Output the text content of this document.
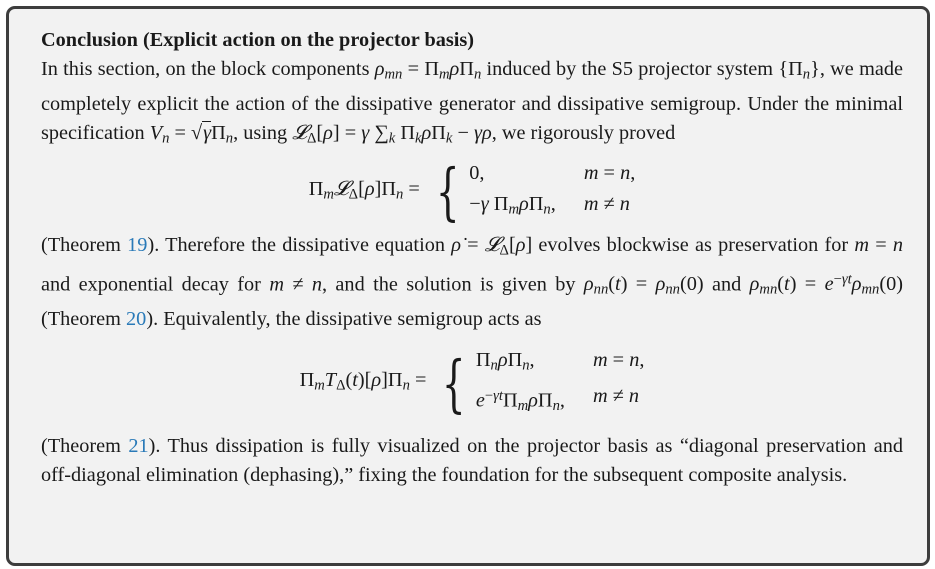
Conclusion (Explicit action on the projector basis)
In this section, on the block components $\rho_{mn} = \Pi_m\rho\Pi_n$ induced by the S5 projector system $\{\Pi_n\}$, we made completely explicit the action of the dissipative generator and dissipative semigroup. Under the minimal specification $V_n = √\gamma\Pi_n$, using 𝓛$_\Delta$[ρ] = γ $\sum_k$ $\Pi_k\rho\Pi_k - \gamma\rho$, we rigorously proved
$\Pi_m𝓛_\Delta[\rho]\Pi_n$ = { 0,	m = n,
−γ $\Pi_m\rho\Pi_n$, m ≠ n
(Theorem 19). Therefore the dissipative equation ρ̇ = 𝓛$_\Delta$[ρ] evolves blockwise as preservation for m = n and exponential decay for m ≠ n, and the solution is given by $\rho_{nn}(t) = \rho_{nn}(0)$ and $\rho_{mn}(t) = e^{-\gamma t}\rho_{mn}(0)$ (Theorem 20). Equivalently, the dissipative semigroup acts as
$\Pi_mT_\Delta(t)[\rho]\Pi_n$ = { $\Pi_n\rho\Pi_n$,	m = n,
$e^{-\gamma t}\Pi_m\rho\Pi_n$, m ≠ n
(Theorem 21). Thus dissipation is fully visualized on the projector basis as “diagonal preservation and off-diagonal elimination (dephasing),” fixing the foundation for the subsequent composite analysis.
